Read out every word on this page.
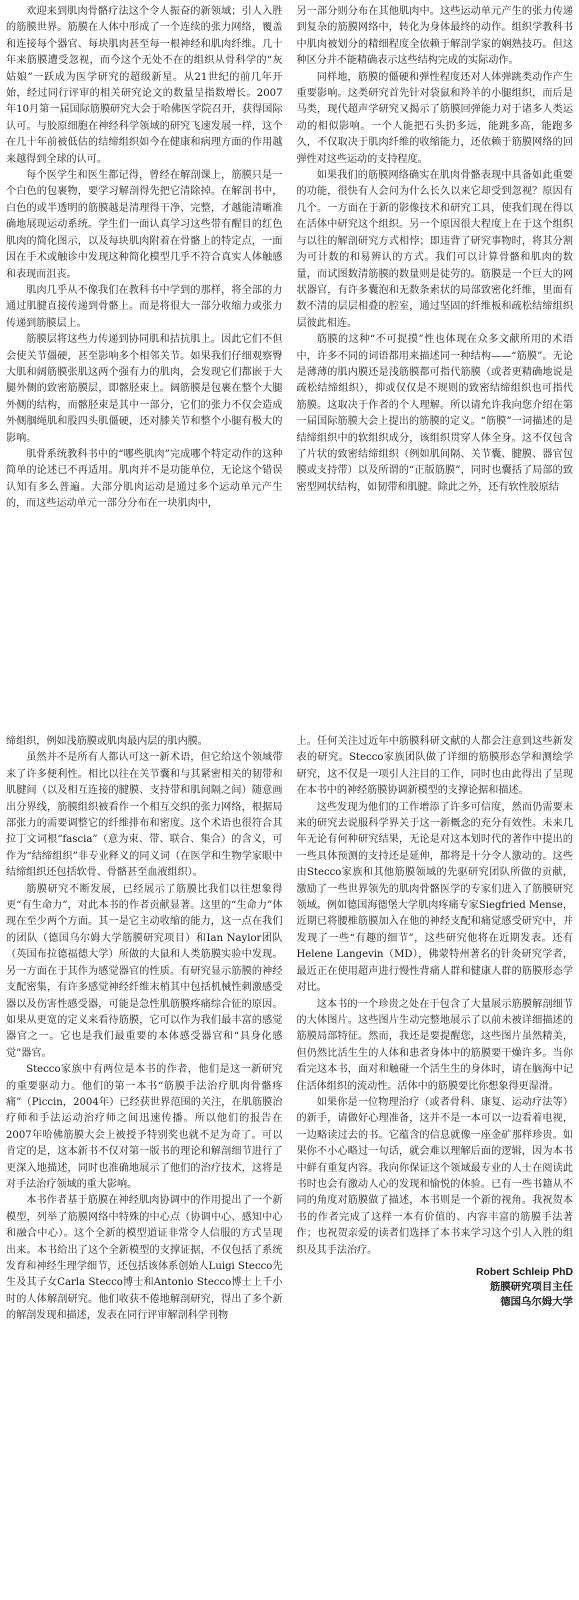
欢迎来到肌肉骨骼疗法这个令人振奋的新领域；引人入胜的筋膜世界。筋膜在人体中形成了一个连续的张力网络，覆盖和连接每个器官、每块肌肉甚至每一根神经和肌肉纤维。几十年来筋膜遭受忽视，而今这个无处不在的组织从骨科学的“灰姑娘”一跃成为医学研究的超级新星。从21世纪的前几年开始，经过同行评审的相关研究论文的数量呈指数增长。2007年10月第一届国际筋膜研究大会于哈佛医学院召开，获得国际认可。与胶原细胞在神经科学领域的研究飞速发展一样，这个在几十年前被低估的结缔组织如今在健康和病理方面的作用越来越得到全球的认可。

每个医学生和医生都记得，曾经在解剖课上，筋膜只是一个白色的包裹物，要学习解剖得先把它清除掉。在解剖书中，白色的或半透明的筋膜越是清理得干净、完整，才越能清晰准确地展现运动系统。学生们一面认真学习这些带有醒目的红色肌肉的简化图示，以及每块肌肉附着在骨骼上的特定点，一面因在手术或触诊中发现这种简化模型几乎不符合真实人体触感和表现而沮丧。

肌肉几乎从不像我们在教科书中学到的那样，将全部的力通过肌腱直接传递到骨骼上。而是将很大一部分收缩力或张力传递到筋膜层上。

筋膜层将这些力传递到协同肌和拮抗肌上。因此它们不但会使关节僵硬，甚至影响多个相邻关节。如果我们仔细观察臀大肌和阔筋膜张肌这两个强有力的肌肉，会发现它们都嵌于大腿外侧的致密筋膜层，即髂胫束上。阔筋膜是包裹在整个大腿外侧的结构，而髂胫束是其中一部分，它们的张力不仅会造成外侧腘绳肌和股四头肌僵硬，还对膝关节和整个小腿有极大的影响。

肌骨系统教科书中的“哪些肌肉”完成哪个特定动作的这种简单的论述已不再适用。肌肉并不是功能单位，无论这个错误认知有多么普遍。大部分肌肉运动是通过多个运动单元产生的，而这些运动单元一部分分布在一块肌肉中，

另一部分则分布在其他肌肉中。这些运动单元产生的张力传递到复杂的筋膜网络中，转化为身体最终的动作。组织学教科书中肌肉被划分的精细程度全依赖于解剖学家的娴熟技巧。但这种区分并不能精确表示这些结构完成的实际动作。

同样地，筋膜的僵硬和弹性程度还对人体弹跳类动作产生重要影响。这类研究首先针对袋鼠和羚羊的小腿组织，而后是马类，现代超声学研究又揭示了筋膜回弹能力对于诸多人类运动的相似影响。一个人能把石头扔多远，能跳多高，能跑多久，不仅取决于肌肉纤维的收缩能力，还依赖于筋膜网络的回弹性对这些运动的支持程度。

如果我们的筋膜网络确实在肌肉骨骼表现中具备如此重要的功能，很快有人会问为什么长久以来它却受到忽视？原因有几个。一方面在于新的影像技术和研究工具，使我们现在得以在活体中研究这个组织。另一个原因很大程度上在于这个组织与以往的解剖研究方式相悖；即违背了研究事物时，将其分割为可计数的和易辨认的方式。我们可以计算骨骼和肌肉的数量，而试图数清筋膜的数量则是徒劳的。筋膜是一个巨大的网状器官，有许多囊泡和无数条索状的局部致密化纤维，里面有数不清的层层相叠的腔室，通过坚固的纤维板和疏松结缔组织层彼此相连。

筋膜的这种“不可捉摸”性也体现在众多文献所用的术语中，许多不同的词语都用来描述同一种结构——“筋膜”。无论是薄薄的肌内膜还是浅筋膜都可指代筋膜（或者更精确地说是疏松结缔组织），抑或仅仅是不规则的致密结缔组织也可指代筋膜。这取决于作者的个人理解。所以请允许我向您介绍在第一届国际筋膜大会上提出的筋膜的定义。“筋膜”一词描述的是结缔组织中的软组织成分，该组织贯穿人体全身。这不仅包含了片状的致密结缔组织（例如肌间隔、关节囊、腱膜、器官包膜或支持带）以及所谓的“正版筋膜”，同时也囊括了局部的致密型网状结构，如韧带和肌腱。除此之外，还有软性胶原结

缔组织，例如浅筋膜或肌肉最内层的肌内膜。

虽然并不是所有人都认可这一新术语，但它给这个领域带来了许多便利性。相比以往在关节囊和与其紧密相关的韧带和肌腱间（以及相互连接的腱膜、支持带和肌间隔之间）随意画出分界线，筋膜组织被看作一个相互交织的张力网络，根据局部张力的需要调整它的纤维排布和密度。这个术语也很符合其拉丁文词根“fascia”（意为束、带、联合、集合）的含义，可作为“结缔组织”非专业释义的同义词（在医学和生物学家眼中结缔组织还包括软骨、骨骼甚至血液组织）。

筋膜研究不断发展，已经展示了筋膜比我们以往想象得更“有生命力”，对此本书的作者贡献显著。这里的“生命力”体现在至少两个方面。其一是它主动收缩的能力，这一点在我们的团队（德国乌尔姆大学筋膜研究项目）和Ian Naylor团队（英国布拉德福德大学）所做的大鼠和人类筋膜实验中发现。另一方面在于其作为感觉器官的性质。有研究显示筋膜的神经支配密集，有许多感觉神经纤维末梢其中包括机械性刺激感受器以及伤害性感受器，可能是急性肌筋膜疼痛综合征的原因。如果从更宽的定义来看待筋膜，它可以作为我们最丰富的感觉器官之一。它也是我们最重要的本体感受器官和“具身化感觉”器官。

Stecco家族中有两位是本书的作者，他们是这一新研究的重要驱动力。他们的第一本书“筋膜手法治疗肌肉骨骼疼痛”（Piccin，2004年）已经获世界范围的关注，在肌筋膜治疗师和手法运动治疗师之间迅速传播。所以他们的报告在2007年哈佛筋膜大会上被授予特别奖也就不足为奇了。可以肯定的是，这本新书不仅对第一版书的理论和解剖细节进行了更深入地描述，同时也准确地展示了他们的治疗技术，这将是对手法治疗领域的重大影响。

本书作者基于筋膜在神经肌肉协调中的作用提出了一个新模型，列举了筋膜网络中特殊的中心点（协调中心、感知中心和融合中心）。这个全新的模型道证非常令人信服的方式呈现出来。本书给出了这个全新模型的支撑证据，不仅包括了系统发育和神经生理学细节，还包括该体系创始人Luigi Stecco先生及其子女Carla Stecco博士和Antonio Stecco博士上千小时的人体解剖研究。他们收获不倦地解剖研究，得出了多个新的解剖发现和描述，发表在同行评审解剖科学刊物

上。任何关注过近年中筋膜科研文献的人都会注意到这些新发表的研究。Stecco家族团队做了详细的筋膜形态学和测绘学研究，这不仅是一项引人注目的工作，同时也由此得出了呈现在本书中的神经筋膜协调新模型的支撑论据和描述。

这些发现为他们的工作增添了许多可信度，然而仍需要未来的研究去说服科学界关于这一新概念的充分有效性。未来几年无论有何种研究结果，无论是对这本划时代的著作中提出的一些具体预测的支持还是延伸，都将是十分令人激动的。这些由Stecco家族和其他筋膜领域的先驱研究团队所做的贡献，激励了一些世界领先的肌肉骨骼医学的专家们进入了筋膜研究领域。例如德国海德堡大学肌肉疼痛专家Siegfried Mense，近期已将腰椎筋膜加入在他的神经支配和痛觉感受研究中，并发现了一些“有趣的细节”，这些研究他将在近期发表。还有Helene Langevin（MD），佛蒙特州著名的针灸研究学者，最近正在使用超声进行慢性背痛人群和健康人群的筋膜形态学对比。

这本书的一个珍贵之处在于包含了大量展示筋膜解剖细节的大体图片。这些图片生动完整地展示了以前未被详细描述的筋膜局部特征。然而，我还是要提醒您，这些图片虽然精美，但仍然比活生生的人体和患者身体中的筋膜要干燥许多。当你看完这本书，面对和触碰一个活生生的身体时，请在脑海中记住活体组织的流动性。活体中的筋膜要比你想象得更湿滑。

如果你是一位物理治疗（或者骨科、康复、运动疗法等）的新手，请做好心理准备，这并不是一本可以一边看着电视，一边略读过去的书。它蕴含的信息就像一座金矿那样珍贵。如果你不小心略过一句话，就会难以理解后面的逻辑，因为本书中鲜有重复内容。我向你保证这个领域最专业的人士在阅读此书时也会有激动人心的发现和愉悦的体验。已有一些书籍从不同的角度对筋膜做了描述，本书则是一个新的视角。我祝贺本书的作者完成了这样一本有价值的、内容丰富的筋膜手法著作；也祝贺亲爱的读者们选择了本书来学习这个引人入胜的组织及其手法治疗。

Robert Schleip PhD
筋膜研究项目主任
德国乌尔姆大学
